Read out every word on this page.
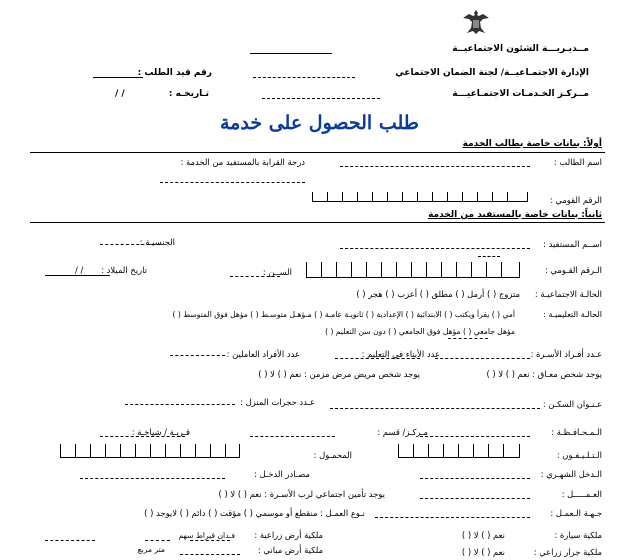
مــديـريـــة الشئون الاجتماعيــة
الإدارة الاجتمـاعيــة/ لجنة الضمان الاجتماعي
رقم قيد الطلب :
مــركـز الخـدمـات الاجتمـاعيـــة
تـاريخـه :
/ /
طلب الحصول على خدمة
أولاً: بيانات خاصة بطالب الخدمة
اسم الطالب :
درجة القرابة بالمستفيد من الخدمة :
الرقم القومي :
ثانياً: بيانات خاصة بالمستفيد من الخدمة
اســم المستفيد :
الجنسيـة :
الـرقم القـومي :
الســن :
تاريخ الميلاد :
/ /
الحالـة الاجتماعيـة :
متزوج ( ) أرمل ( ) مطلق ( ) أعزب ( ) هجر ( )
الحالـة التعليميـة :
أمي ( ) يقرأ ويكتب ( ) الابتدائية ( ) الإعدادية ( ) ثانويـة عامـة ( ) مـؤهـل متوسـط ( ) مؤهل فوق المتوسط ( )
مؤهل جامعي ( ) مؤهل فوق الجامعي ( ) دون سن التعليم ( )
عـدد أفـراد الأسـرة :
عدد الأبناء في التعليم :
عدد الأفراد العاملين :
يوجد شخص معـاق : نعم ( ) لا ( )
يوجد شخص مريض مرض مزمن : نعم ( ) لا ( )
عـنـوان السكـن :
عـدد حجرات المنزل :
الـمـحـافـظـة :
مـركـز/ قسم :
قـريـة / شياخـة :
الـتـلـيـفـون :
المحمـول :
الـدخل الشهـري :
مصـادر الدخـل :
العـمـــــل :
يوجد تأمين اجتماعي لرب الأسـرة : نعم ( ) لا ( )
جـهـة الـعمـل :
نـوع العمـل : منقطع أو موسمي ( ) مؤقت ( ) دائم ( ) لايوجد ( )
ملكية سيارة :
نعم ( ) لا ( )
ملكية أرض زراعية :
فـدان قيراط سهم
ملكية جرار زراعي :
نعم ( ) لا ( )
ملكية أرض مباني :
متر مربع
